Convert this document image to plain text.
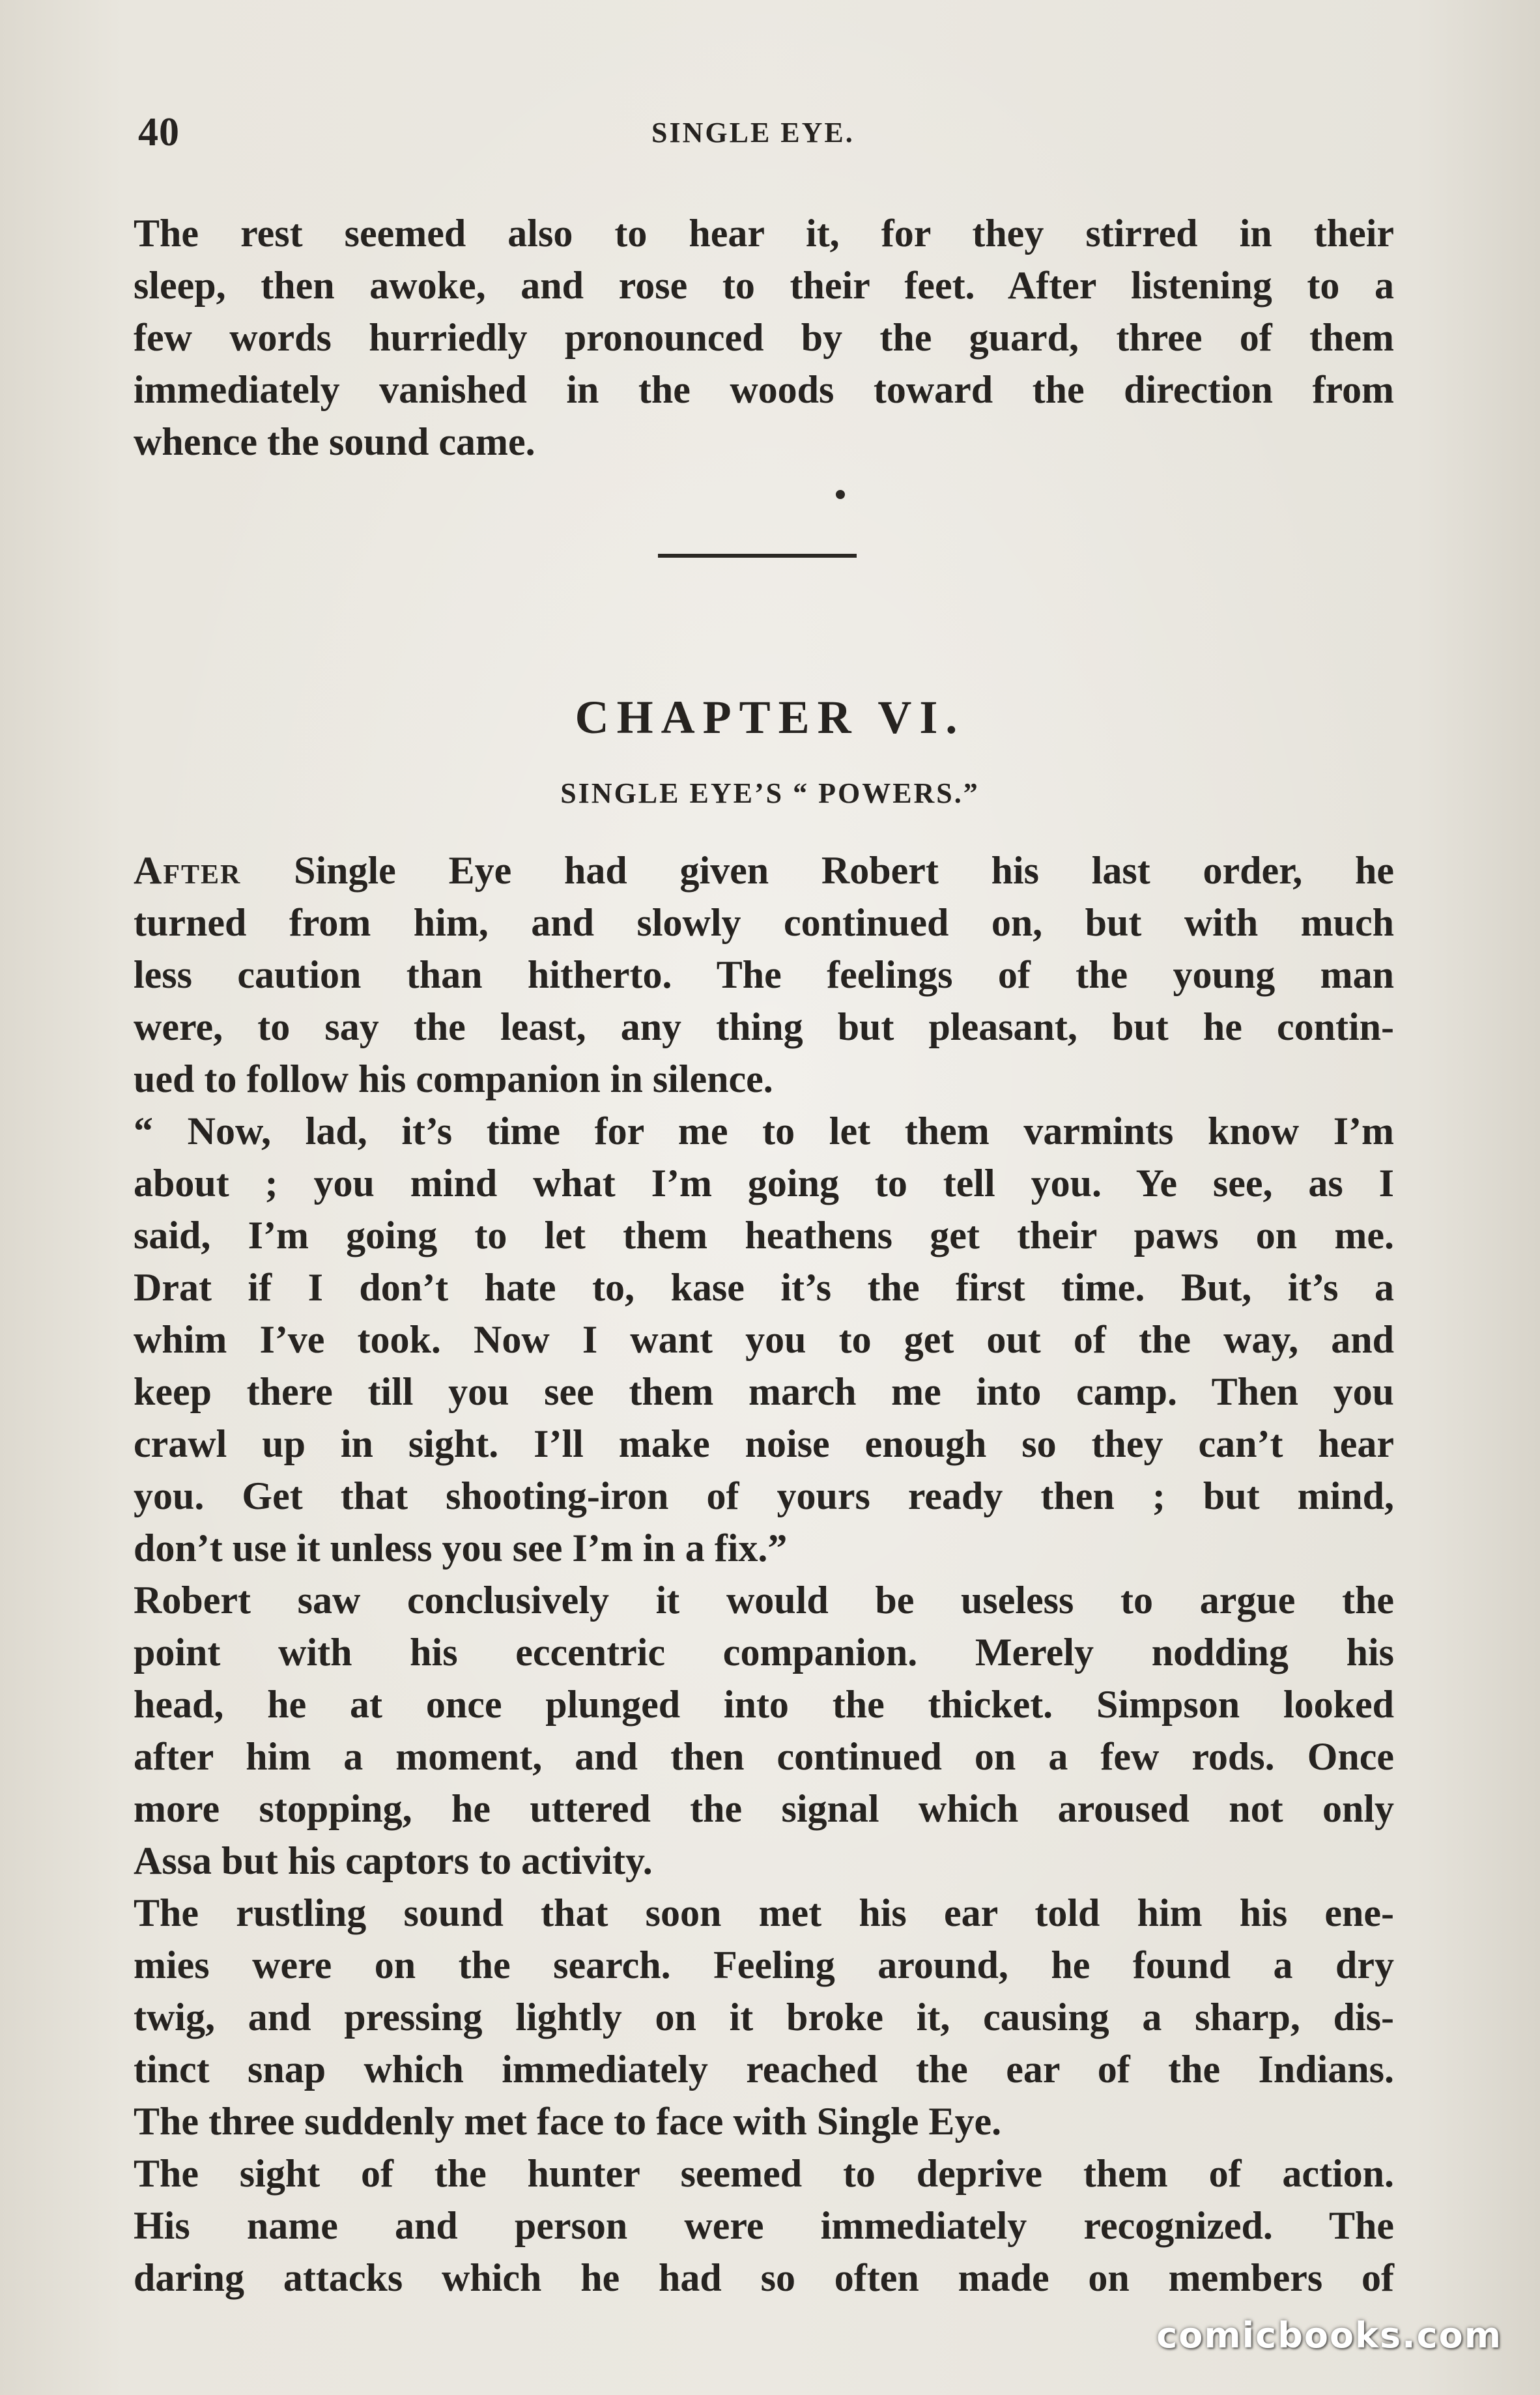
40	SINGLE EYE.
The rest seemed also to hear it, for they stirred in their
sleep, then awoke, and rose to their feet. After listening to a
few words hurriedly pronounced by the guard, three of them
immediately vanished in the woods toward the direction from
whence the sound came.
CHAPTER VI.
SINGLE EYE’S “ POWERS.”
After Single Eye had given Robert his last order, he
turned from him, and slowly continued on, but with much
less caution than hitherto. The feelings of the young man
were, to say the least, any thing but pleasant, but he contin-
ued to follow his companion in silence.
“ Now, lad, it’s time for me to let them varmints know I’m
about ; you mind what I’m going to tell you. Ye see, as I
said, I’m going to let them heathens get their paws on me.
Drat if I don’t hate to, kase it’s the first time. But, it’s a
whim I’ve took. Now I want you to get out of the way, and
keep there till you see them march me into camp. Then you
crawl up in sight. I’ll make noise enough so they can’t hear
you. Get that shooting-iron of yours ready then ; but mind,
don’t use it unless you see I’m in a fix.”
Robert saw conclusively it would be useless to argue the
point with his eccentric companion. Merely nodding his
head, he at once plunged into the thicket. Simpson looked
after him a moment, and then continued on a few rods. Once
more stopping, he uttered the signal which aroused not only
Assa but his captors to activity.
The rustling sound that soon met his ear told him his ene-
mies were on the search. Feeling around, he found a dry
twig, and pressing lightly on it broke it, causing a sharp, dis-
tinct snap which immediately reached the ear of the Indians.
The three suddenly met face to face with Single Eye.
The sight of the hunter seemed to deprive them of action.
His name and person were immediately recognized. The
daring attacks which he had so often made on members of
comicbooks.com
